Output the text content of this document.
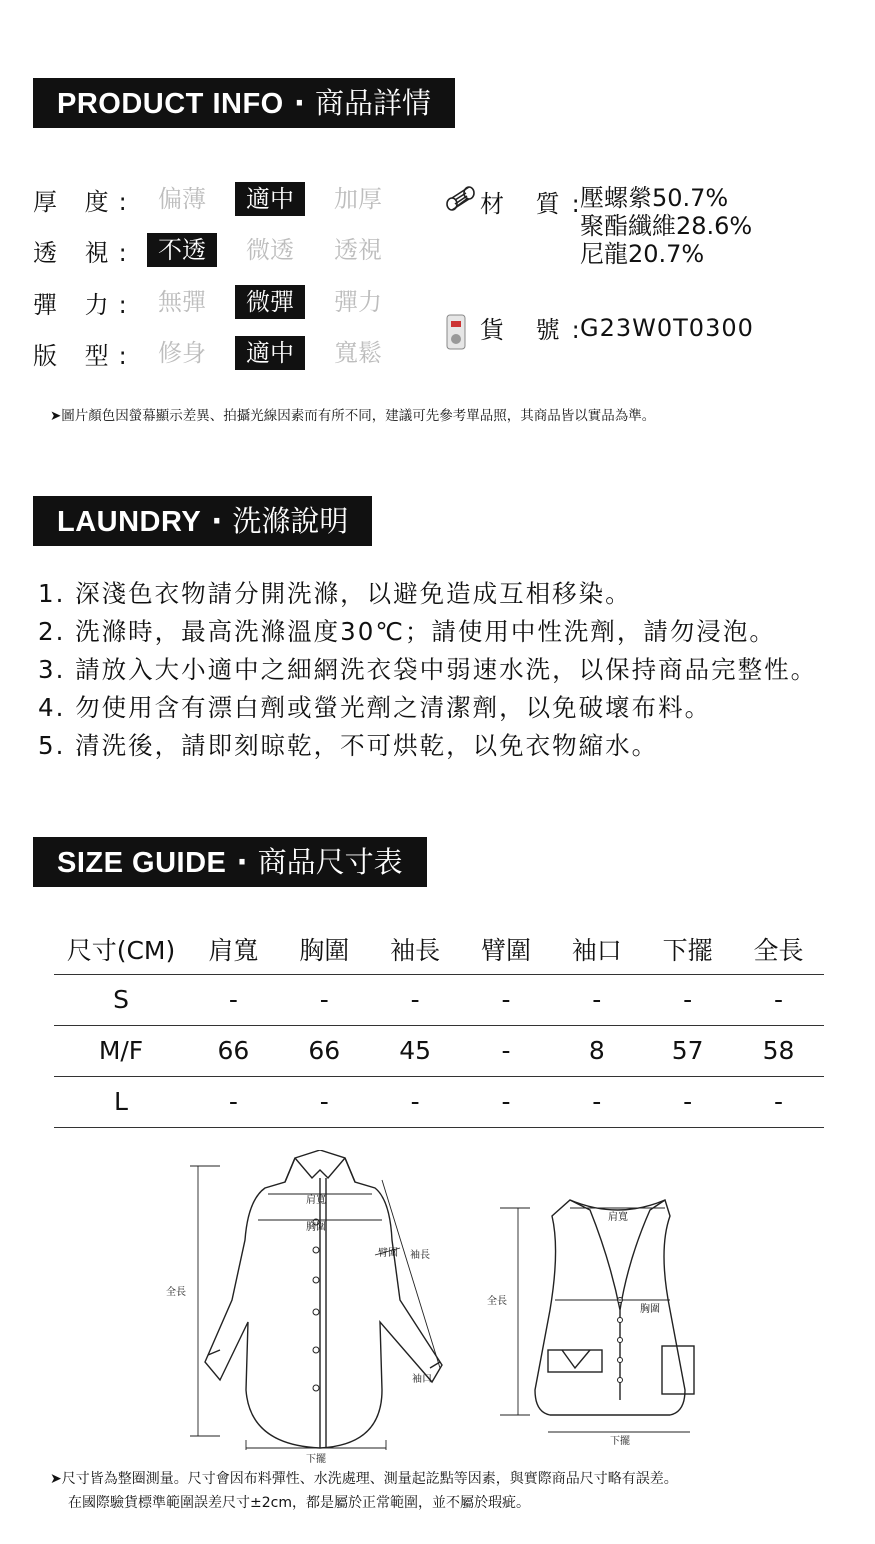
PRODUCT INFO · 商品詳情
厚 度: 偏薄	適中	加厚
透 視: 不透	微透	透視
彈 力: 無彈	微彈	彈力
版 型: 修身	適中	寬鬆
材 質:
壓螺縈50.7%
聚酯纖維28.6%
尼龍20.7%
貨 號:
G23W0T0300
➤圖片顏色因螢幕顯示差異、拍攝光線因素而有所不同，建議可先參考單品照，其商品皆以實品為準。
LAUNDRY · 洗滌說明
1. 深淺色衣物請分開洗滌，以避免造成互相移染。
2. 洗滌時，最高洗滌溫度30℃；請使用中性洗劑，請勿浸泡。
3. 請放入大小適中之細網洗衣袋中弱速水洗，以保持商品完整性。
4. 勿使用含有漂白劑或螢光劑之清潔劑，以免破壞布料。
5. 清洗後，請即刻晾乾，不可烘乾，以免衣物縮水。
SIZE GUIDE · 商品尺寸表
尺寸(CM)	肩寬	胸圍	袖長	臂圍	袖口	下擺	全長
S	-	-	-	-	-	-	-
M/F	66	66	45	-	8	57	58
L	-	-	-	-	-	-	-
肩寬
胸圍
臂圍 袖長
全長
袖口
下擺
肩寬
胸圍
全長
下擺
➤尺寸皆為整圈測量。尺寸會因布料彈性、水洗處理、測量起訖點等因素，與實際商品尺寸略有誤差。
在國際驗貨標準範圍誤差尺寸±2cm，都是屬於正常範圍，並不屬於瑕疵。
